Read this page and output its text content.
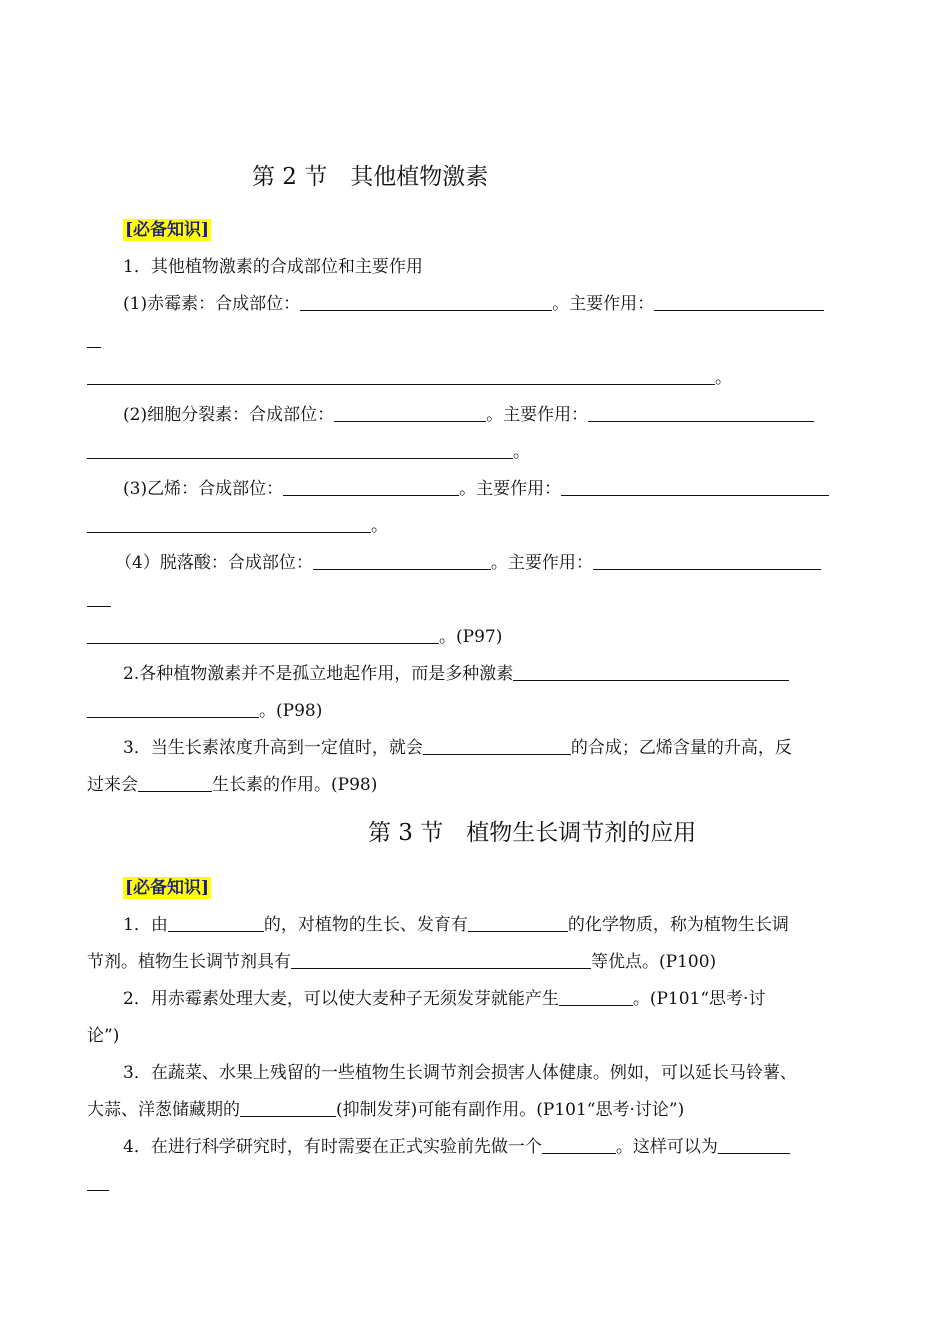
第 2 节　其他植物激素
[必备知识]
1．其他植物激素的合成部位和主要作用
(1)赤霉素：合成部位：	。主要作用：
。
(2)细胞分裂素：合成部位：	。主要作用：
。
(3)乙烯：合成部位：	。主要作用：
。
（4）脱落酸：合成部位：	。主要作用：
。(P97)
2.各种植物激素并不是孤立地起作用，而是多种激素
。(P98)
3．当生长素浓度升高到一定值时，就会	的合成；乙烯含量的升高，反
过来会	生长素的作用。(P98)
第 3 节　植物生长调节剂的应用
[必备知识]
1．由	的，对植物的生长、发育有	的化学物质，称为植物生长调
节剂。植物生长调节剂具有	等优点。(P100)
2．用赤霉素处理大麦，可以使大麦种子无须发芽就能产生	。(P101“思考·讨
论”)
3．在蔬菜、水果上残留的一些植物生长调节剂会损害人体健康。例如，可以延长马铃薯、
大蒜、洋葱储藏期的	(抑制发芽)可能有副作用。(P101“思考·讨论”)
4．在进行科学研究时，有时需要在正式实验前先做一个	。这样可以为
